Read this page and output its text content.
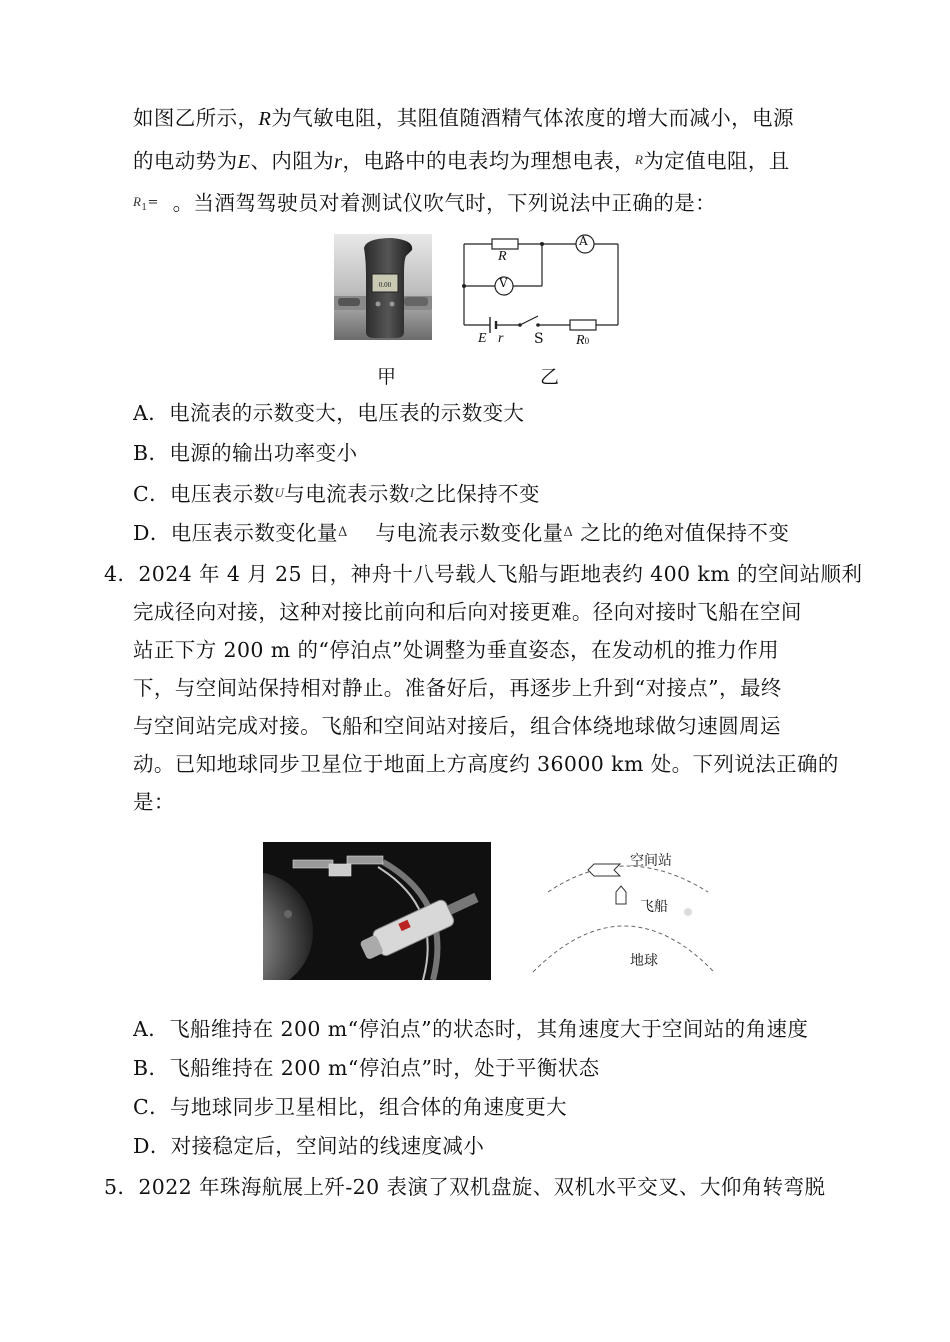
如图乙所示，R为气敏电阻，其阻值随酒精气体浓度的增大而减小，电源
的电动势为E、内阻为r，电路中的电表均为理想电表，R为定值电阻，且
R1= 。当酒驾驾驶员对着测试仪吹气时，下列说法中正确的是：
0.00
R
A
V
E r S R0
甲	乙
A．电流表的示数变大，电压表的示数变大
B．电源的输出功率变小
C．电压表示数U与电流表示数I之比保持不变
D．电压表示数变化量Δ 与电流表示数变化量Δ 之比的绝对值保持不变
4．2024 年 4 月 25 日，神舟十八号载人飞船与距地表约 400 km 的空间站顺利
完成径向对接，这种对接比前向和后向对接更难。径向对接时飞船在空间
站正下方 200 m 的“停泊点”处调整为垂直姿态，在发动机的推力作用
下，与空间站保持相对静止。准备好后，再逐步上升到“对接点”，最终
与空间站完成对接。飞船和空间站对接后，组合体绕地球做匀速圆周运
动。已知地球同步卫星位于地面上方高度约 36000 km 处。下列说法正确的
是：
空间站
飞船
地球
A．飞船维持在 200 m“停泊点”的状态时，其角速度大于空间站的角速度
B．飞船维持在 200 m“停泊点”时，处于平衡状态
C．与地球同步卫星相比，组合体的角速度更大
D．对接稳定后，空间站的线速度减小
5．2022 年珠海航展上歼-20 表演了双机盘旋、双机水平交叉、大仰角转弯脱
